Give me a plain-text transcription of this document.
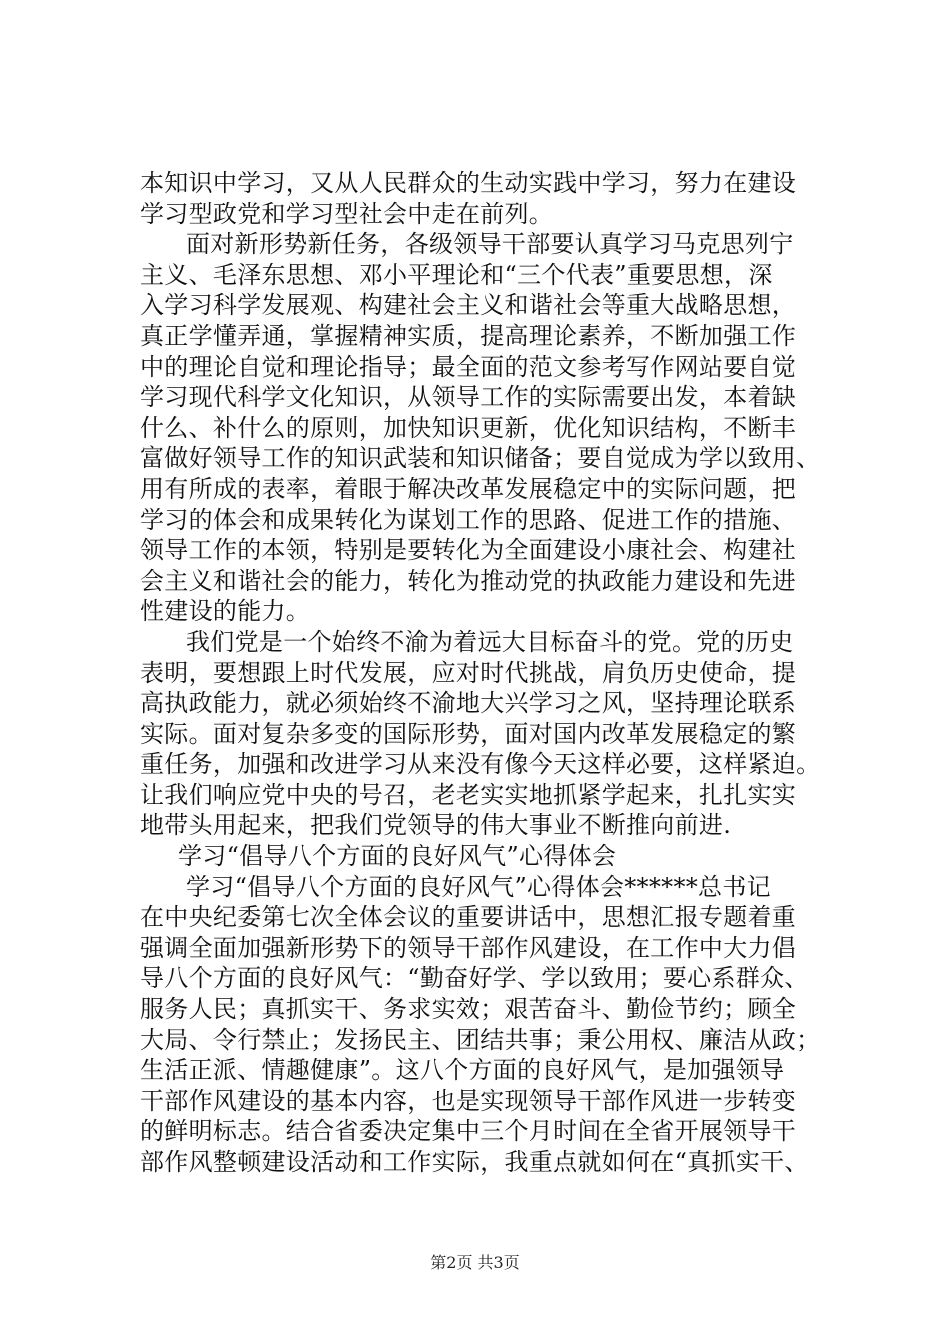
本知识中学习，又从人民群众的生动实践中学习，努力在建设
学习型政党和学习型社会中走在前列。
面对新形势新任务，各级领导干部要认真学习马克思列宁
主义、毛泽东思想、邓小平理论和“三个代表”重要思想，深
入学习科学发展观、构建社会主义和谐社会等重大战略思想，
真正学懂弄通，掌握精神实质，提高理论素养，不断加强工作
中的理论自觉和理论指导；最全面的范文参考写作网站要自觉
学习现代科学文化知识，从领导工作的实际需要出发，本着缺
什么、补什么的原则，加快知识更新，优化知识结构，不断丰
富做好领导工作的知识武装和知识储备；要自觉成为学以致用、
用有所成的表率，着眼于解决改革发展稳定中的实际问题，把
学习的体会和成果转化为谋划工作的思路、促进工作的措施、
领导工作的本领，特别是要转化为全面建设小康社会、构建社
会主义和谐社会的能力，转化为推动党的执政能力建设和先进
性建设的能力。
我们党是一个始终不渝为着远大目标奋斗的党。党的历史
表明，要想跟上时代发展，应对时代挑战，肩负历史使命，提
高执政能力，就必须始终不渝地大兴学习之风，坚持理论联系
实际。面对复杂多变的国际形势，面对国内改革发展稳定的繁
重任务，加强和改进学习从来没有像今天这样必要，这样紧迫。
让我们响应党中央的号召，老老实实地抓紧学起来，扎扎实实
地带头用起来，把我们党领导的伟大事业不断推向前进.
学习“倡导八个方面的良好风气”心得体会
学习“倡导八个方面的良好风气”心得体会******总书记
在中央纪委第七次全体会议的重要讲话中，思想汇报专题着重
强调全面加强新形势下的领导干部作风建设，在工作中大力倡
导八个方面的良好风气：“勤奋好学、学以致用；要心系群众、
服务人民；真抓实干、务求实效；艰苦奋斗、勤俭节约；顾全
大局、令行禁止；发扬民主、团结共事；秉公用权、廉洁从政；
生活正派、情趣健康”。这八个方面的良好风气，是加强领导
干部作风建设的基本内容，也是实现领导干部作风进一步转变
的鲜明标志。结合省委决定集中三个月时间在全省开展领导干
部作风整顿建设活动和工作实际，我重点就如何在“真抓实干、
第2页 共3页
